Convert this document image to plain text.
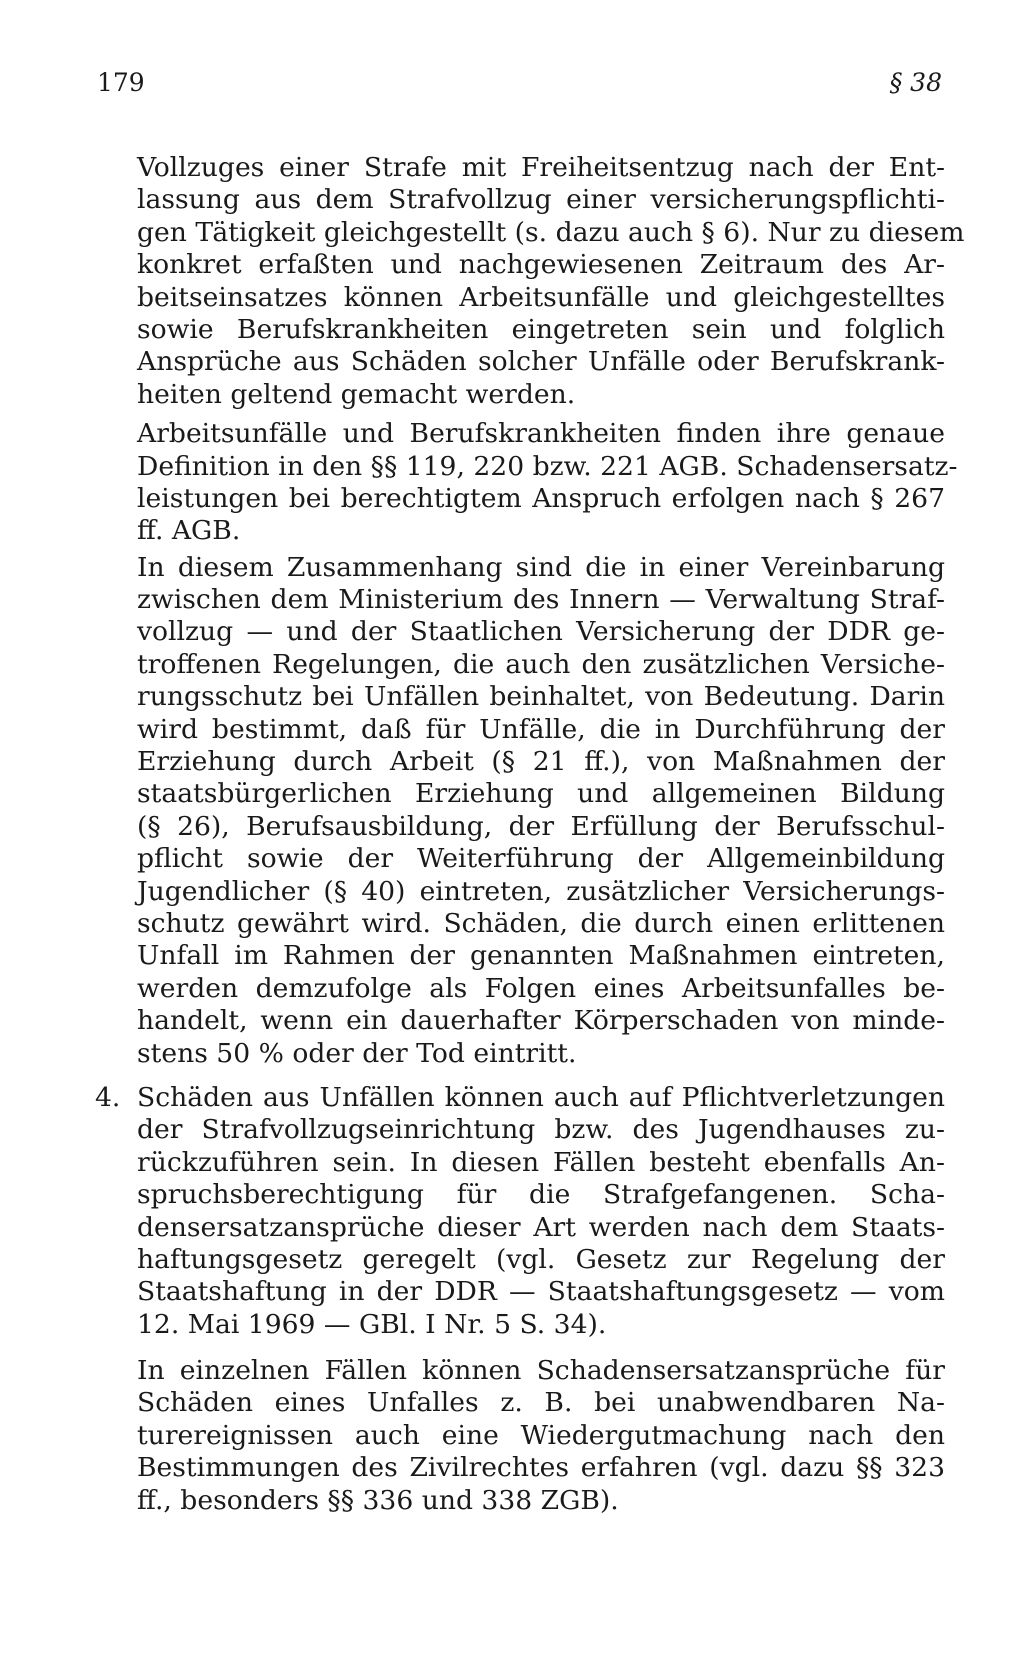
179	§ 38
Vollzuges einer Strafe mit Freiheitsentzug nach der Ent-
lassung aus dem Strafvollzug einer versicherungspflichti-
gen Tätigkeit gleichgestellt (s. dazu auch § 6). Nur zu diesem
konkret erfaßten und nachgewiesenen Zeitraum des Ar-
beitseinsatzes können Arbeitsunfälle und gleichgestelltes
sowie Berufskrankheiten eingetreten sein und folglich
Ansprüche aus Schäden solcher Unfälle oder Berufskrank-
heiten geltend gemacht werden.
Arbeitsunfälle und Berufskrankheiten finden ihre genaue
Definition in den §§ 119, 220 bzw. 221 AGB. Schadensersatz-
leistungen bei berechtigtem Anspruch erfolgen nach § 267
ff. AGB.
In diesem Zusammenhang sind die in einer Vereinbarung
zwischen dem Ministerium des Innern — Verwaltung Straf-
vollzug — und der Staatlichen Versicherung der DDR ge-
troffenen Regelungen, die auch den zusätzlichen Versiche-
rungsschutz bei Unfällen beinhaltet, von Bedeutung. Darin
wird bestimmt, daß für Unfälle, die in Durchführung der
Erziehung durch Arbeit (§ 21 ff.), von Maßnahmen der
staatsbürgerlichen Erziehung und allgemeinen Bildung
(§ 26), Berufsausbildung, der Erfüllung der Berufsschul-
pflicht sowie der Weiterführung der Allgemeinbildung
Jugendlicher (§ 40) eintreten, zusätzlicher Versicherungs-
schutz gewährt wird. Schäden, die durch einen erlittenen
Unfall im Rahmen der genannten Maßnahmen eintreten,
werden demzufolge als Folgen eines Arbeitsunfalles be-
handelt, wenn ein dauerhafter Körperschaden von minde-
stens 50 % oder der Tod eintritt.
4. Schäden aus Unfällen können auch auf Pflichtverletzungen
der Strafvollzugseinrichtung bzw. des Jugendhauses zu-
rückzuführen sein. In diesen Fällen besteht ebenfalls An-
spruchsberechtigung für die Strafgefangenen. Scha-
densersatzansprüche dieser Art werden nach dem Staats-
haftungsgesetz geregelt (vgl. Gesetz zur Regelung der
Staatshaftung in der DDR — Staatshaftungsgesetz — vom
12. Mai 1969 — GBl. I Nr. 5 S. 34).
In einzelnen Fällen können Schadensersatzansprüche für
Schäden eines Unfalles z. B. bei unabwendbaren Na-
turereignissen auch eine Wiedergutmachung nach den
Bestimmungen des Zivilrechtes erfahren (vgl. dazu §§ 323
ff., besonders §§ 336 und 338 ZGB).
